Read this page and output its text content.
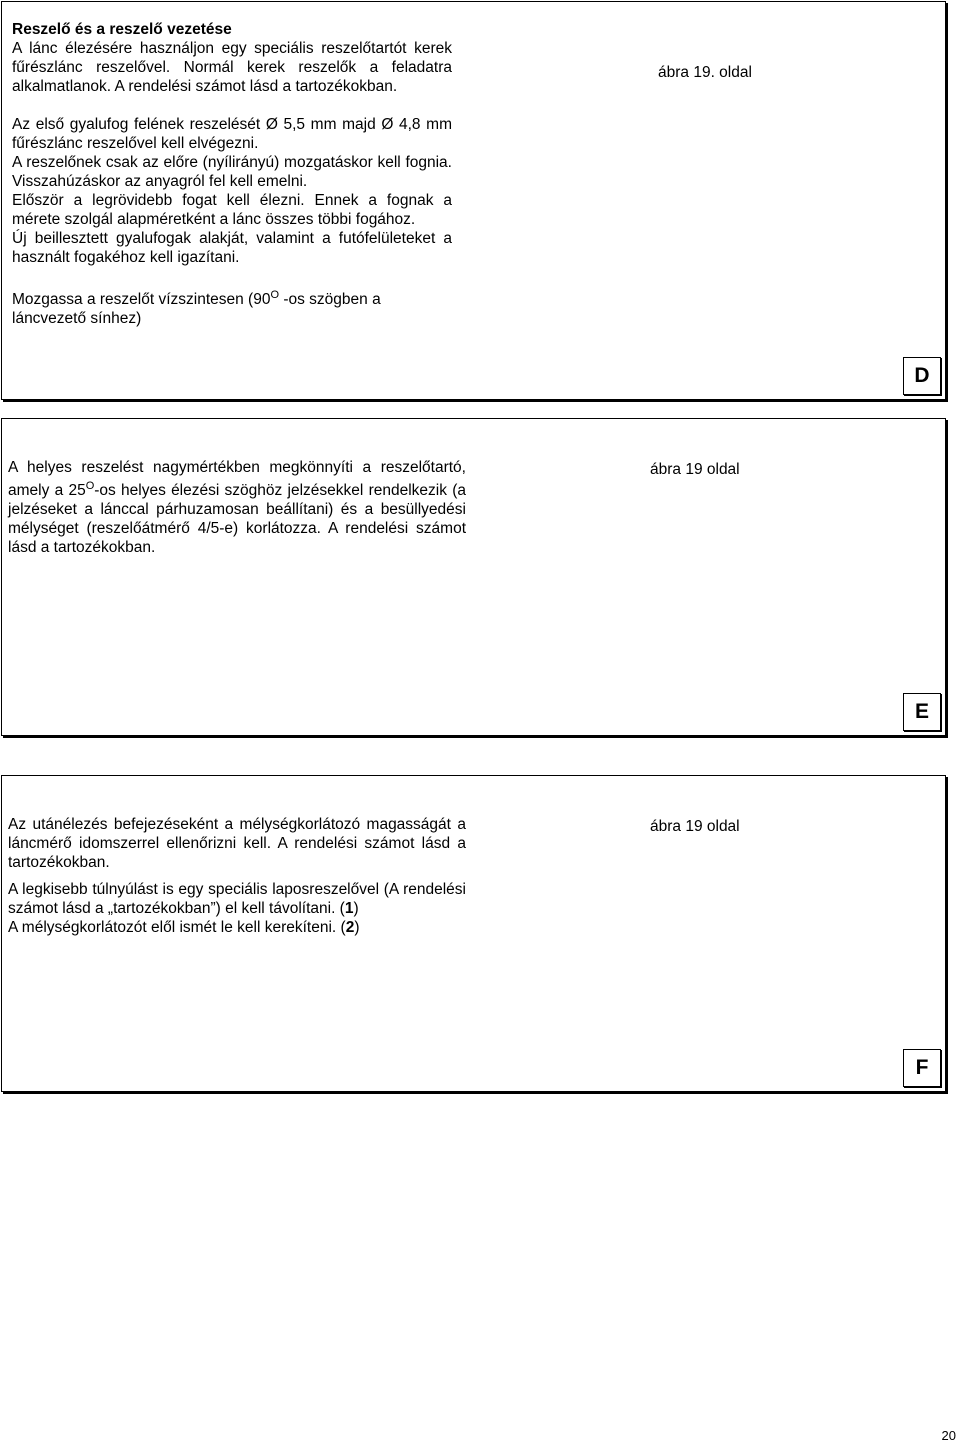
Reszelő és a reszelő vezetése

A lánc élezésére használjon egy speciális reszelőtartót kerek fűrészlánc reszelővel. Normál kerek reszelők a feladatra alkalmatlanok. A rendelési számot lásd a tartozékokban.

Az első gyalufog felének reszelését Ø 5,5 mm majd Ø 4,8 mm fűrészlánc reszelővel kell elvégezni.

A reszelőnek csak az előre (nyílirányú) mozgatáskor kell fognia. Visszahúzáskor az anyagról fel kell emelni.

Először a legrövidebb fogat kell élezni. Ennek a fognak a mérete szolgál alapméretként a lánc összes többi fogához.

Új beillesztett gyalufogak alakját, valamint a futófelületeket a használt fogakéhoz kell igazítani.

Mozgassa a reszelőt vízszintesen ($90^O$ -os szögben a láncvezető sínhez)

ábra 19. oldal
D

A helyes reszelést nagymértékben megkönnyíti a reszelőtartó, amely a $25^O-os$ helyes élezési szöghöz jelzésekkel rendelkezik (a jelzéseket a lánccal párhuzamosan beállítani) és a besüllyedési mélységet (reszelőátmérő 4/5-e) korlátozza. A rendelési számot lásd a tartozékokban.

ábra 19 oldal
E

Az utánélezés befejezéseként a mélységkorlátozó magasságát a láncmérő idomszerrel ellenőrizni kell. A rendelési számot lásd a tartozékokban.

A legkisebb túlnyúlást is egy speciális laposreszelővel (A rendelési számot lásd a „tartozékokban”) el kell távolítani. (1)

A mélységkorlátozót elől ismét le kell kerekíteni. (2)

ábra 19 oldal
F
20
